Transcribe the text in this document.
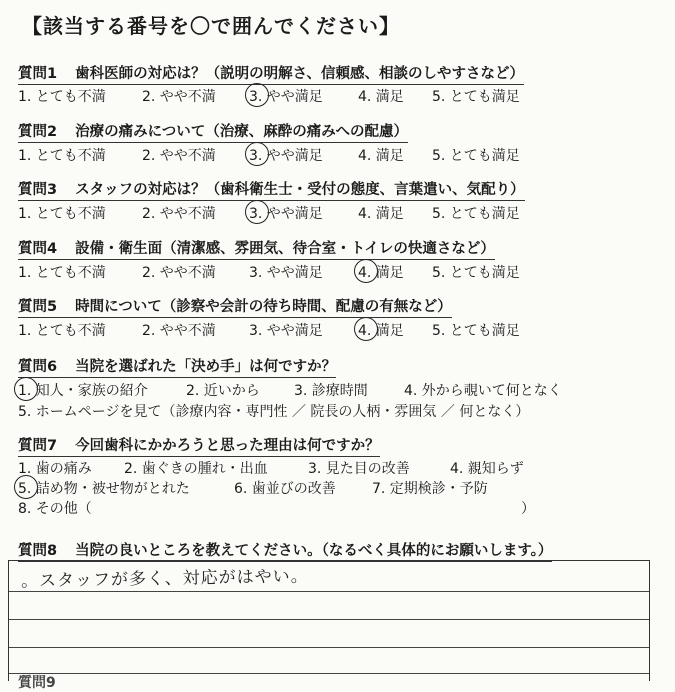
【該当する番号を〇で囲んでください】
質問1 歯科医師の対応は？（説明の明解さ、信頼感、相談のしやすさなど）
1. とても不満	2. やや不満 3. やや満足	4. 満足 5. とても満足
質問2 治療の痛みについて（治療、麻酔の痛みへの配慮）
1. とても不満	2. やや不満 3. やや満足	4. 満足 5. とても満足
質問3 スタッフの対応は？（歯科衛生士・受付の態度、言葉遣い、気配り）
1. とても不満	2. やや不満 3. やや満足	4. 満足 5. とても満足
質問4 設備・衛生面（清潔感、雰囲気、待合室・トイレの快適さなど）
1. とても不満	2. やや不満 3. やや満足	4. 満足 5. とても満足
質問5 時間について（診察や会計の待ち時間、配慮の有無など）
1. とても不満	2. やや不満 3. やや満足	4. 満足 5. とても満足
質問6 当院を選ばれた「決め手」は何ですか？
1. 知人・家族の紹介	2. 近いから 3. 診療時間	4. 外から覗いて何となく
5. ホームページを見て（診療内容・専門性 ／ 院長の人柄・雰囲気 ／ 何となく）
質問7 今回歯科にかかろうと思った理由は何ですか？
1. 歯の痛み 2. 歯ぐきの腫れ・出血	3. 見た目の改善	4. 親知らず
5. 詰め物・被せ物がとれた	6. 歯並びの改善	7. 定期検診・予防
8. その他（	）
質問8 当院の良いところを教えてください。（なるべく具体的にお願いします。）
。スタッフが多く、対応がはやい。
質問9
